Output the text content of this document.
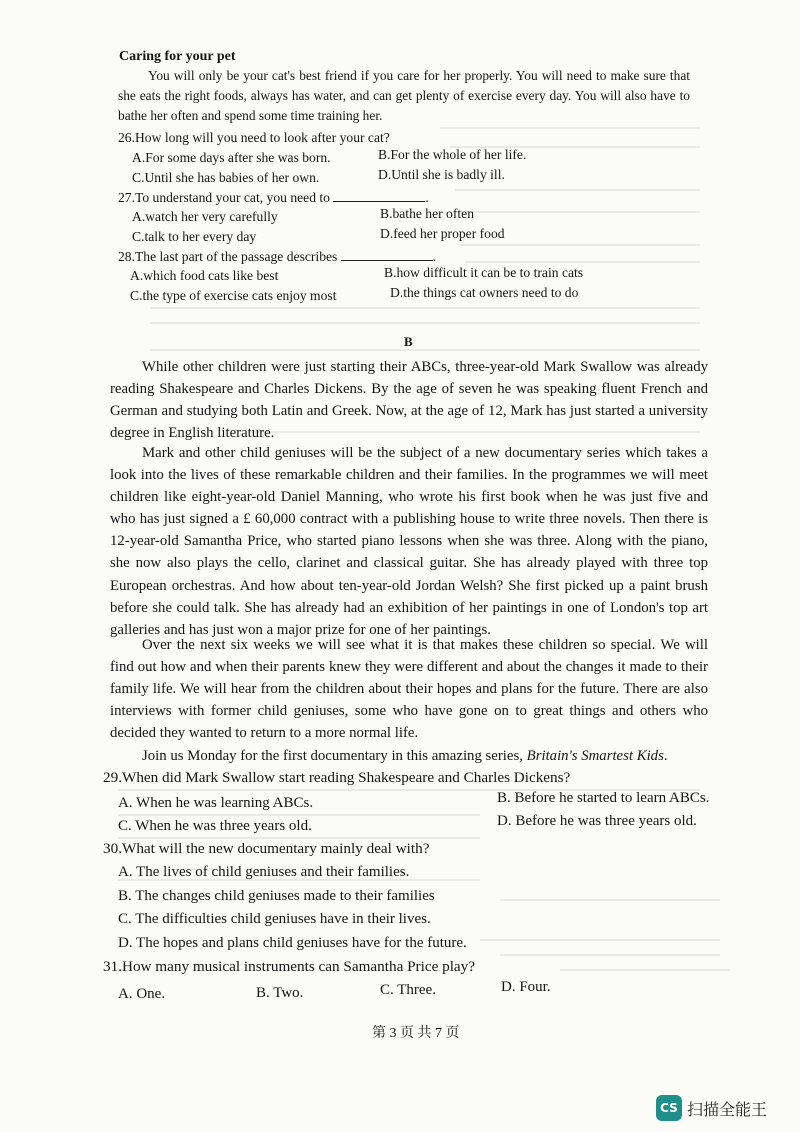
Caring for your pet
You will only be your cat's best friend if you care for her properly. You will need to make sure that she eats the right foods, always has water, and can get plenty of exercise every day. You will also have to bathe her often and spend some time training her.
26.How long will you need to look after your cat?
A.For some days after she was born.	B.For the whole of her life.
C.Until she has babies of her own.	D.Until she is badly ill.
27.To understand your cat, you need to	.
A.watch her very carefully	B.bathe her often
C.talk to her every day	D.feed her proper food
28.The last part of the passage describes	.
A.which food cats like best	B.how difficult it can be to train cats
C.the type of exercise cats enjoy most	D.the things cat owners need to do
B
While other children were just starting their ABCs, three-year-old Mark Swallow was already reading Shakespeare and Charles Dickens. By the age of seven he was speaking fluent French and German and studying both Latin and Greek. Now, at the age of 12, Mark has just started a university degree in English literature.
Mark and other child geniuses will be the subject of a new documentary series which takes a look into the lives of these remarkable children and their families. In the programmes we will meet children like eight-year-old Daniel Manning, who wrote his first book when he was just five and who has just signed a £ 60,000 contract with a publishing house to write three novels. Then there is 12-year-old Samantha Price, who started piano lessons when she was three. Along with the piano, she now also plays the cello, clarinet and classical guitar. She has already played with three top European orchestras. And how about ten-year-old Jordan Welsh? She first picked up a paint brush before she could talk. She has already had an exhibition of her paintings in one of London's top art galleries and has just won a major prize for one of her paintings.
Over the next six weeks we will see what it is that makes these children so special. We will find out how and when their parents knew they were different and about the changes it made to their family life. We will hear from the children about their hopes and plans for the future. There are also interviews with former child geniuses, some who have gone on to great things and others who decided they wanted to return to a more normal life.
Join us Monday for the first documentary in this amazing series, Britain's Smartest Kids.
29.When did Mark Swallow start reading Shakespeare and Charles Dickens?
A. When he was learning ABCs.	B. Before he started to learn ABCs.
C. When he was three years old.	D. Before he was three years old.
30.What will the new documentary mainly deal with?
A. The lives of child geniuses and their families.
B. The changes child geniuses made to their families
C. The difficulties child geniuses have in their lives.
D. The hopes and plans child geniuses have for the future.
31.How many musical instruments can Samantha Price play?
A. One.	B. Two.	C. Three.	D. Four.
第 3 页 共 7 页
CS 扫描全能王
